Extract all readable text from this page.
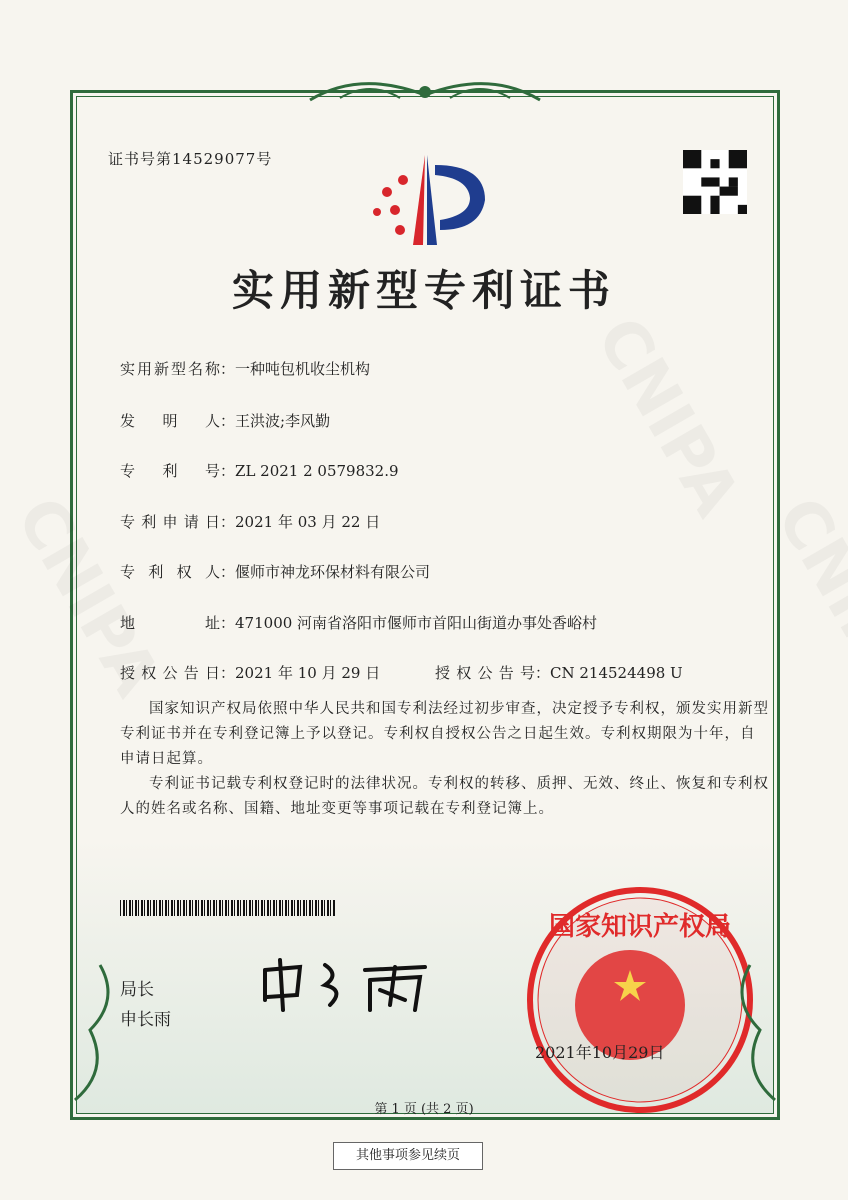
证书号第14529077号
实用新型专利证书
实用新型名称：一种吨包机收尘机构
发明人：王洪波;李风勤
专利号：ZL 2021 2 0579832.9
专利申请日：2021 年 03 月 22 日
专利权人：偃师市神龙环保材料有限公司
地址：471000 河南省洛阳市偃师市首阳山街道办事处香峪村
授权公告日：2021 年 10 月 29 日	授权公告号：CN 214524498 U
国家知识产权局依照中华人民共和国专利法经过初步审查，决定授予专利权，颁发实用新型专利证书并在专利登记簿上予以登记。专利权自授权公告之日起生效。专利权期限为十年，自申请日起算。
专利证书记载专利权登记时的法律状况。专利权的转移、质押、无效、终止、恢复和专利权人的姓名或名称、国籍、地址变更等事项记载在专利登记簿上。
局长
申长雨
国家知识产权局
2021年10月29日
第 1 页 (共 2 页)
其他事项参见续页
